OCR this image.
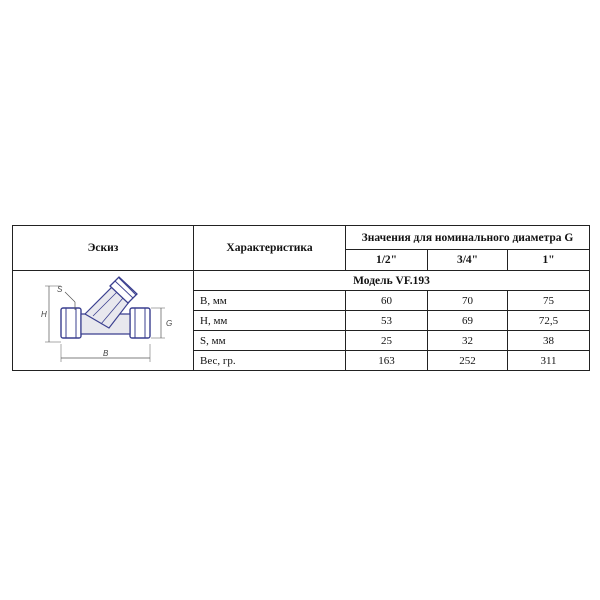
Эскиз	Характеристика	Значения для номинального диаметра G		
		1/2"	3/4"	1"

S
H
G
B	Модель VF.193			
	B, мм	60	70	75
	H, мм	53	69	72,5
	S, мм	25	32	38
	Вес, гр.	163	252	311
